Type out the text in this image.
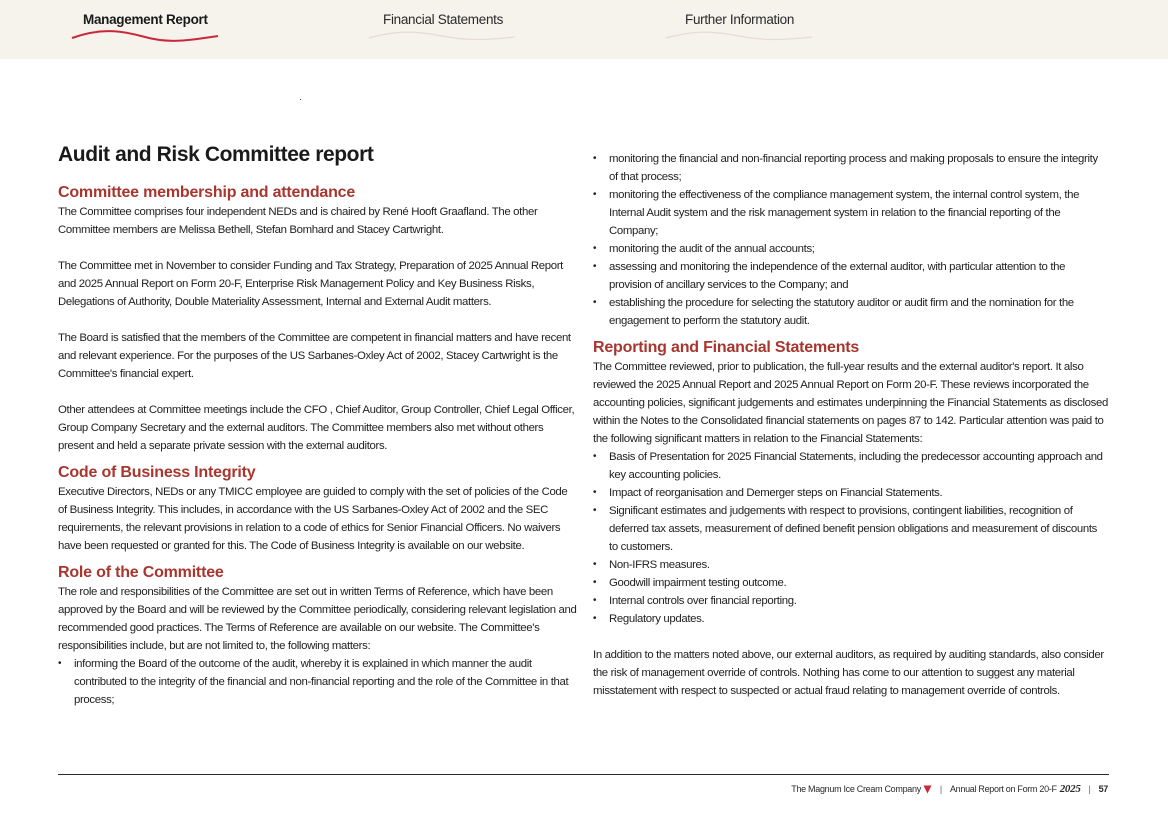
Management Report	Financial Statements	Further Information
Audit and Risk Committee report
Committee membership and attendance

The Committee comprises four independent NEDs and is chaired by René Hooft Graafland. The other Committee members are Melissa Bethell, Stefan Bomhard and Stacey Cartwright.

The Committee met in November to consider Funding and Tax Strategy, Preparation of 2025 Annual Report and 2025 Annual Report on Form 20-F, Enterprise Risk Management Policy and Key Business Risks, Delegations of Authority, Double Materiality Assessment, Internal and External Audit matters.

The Board is satisfied that the members of the Committee are competent in financial matters and have recent and relevant experience. For the purposes of the US Sarbanes-Oxley Act of 2002, Stacey Cartwright is the Committee's financial expert.

Other attendees at Committee meetings include the CFO , Chief Auditor, Group Controller, Chief Legal Officer, Group Company Secretary and the external auditors. The Committee members also met without others present and held a separate private session with the external auditors.

Code of Business Integrity

Executive Directors, NEDs or any TMICC employee are guided to comply with the set of policies of the Code of Business Integrity. This includes, in accordance with the US Sarbanes-Oxley Act of 2002 and the SEC requirements, the relevant provisions in relation to a code of ethics for Senior Financial Officers. No waivers have been requested or granted for this. The Code of Business Integrity is available on our website.

Role of the Committee

The role and responsibilities of the Committee are set out in written Terms of Reference, which have been approved by the Board and will be reviewed by the Committee periodically, considering relevant legislation and recommended good practices. The Terms of Reference are available on our website. The Committee's responsibilities include, but are not limited to, the following matters:

• informing the Board of the outcome of the audit, whereby it is explained in which manner the audit contributed to the integrity of the financial and non-financial reporting and the role of the Committee in that process;
• monitoring the financial and non-financial reporting process and making proposals to ensure the integrity of that process;
• monitoring the effectiveness of the compliance management system, the internal control system, the Internal Audit system and the risk management system in relation to the financial reporting of the Company;
• monitoring the audit of the annual accounts;
• assessing and monitoring the independence of the external auditor, with particular attention to the provision of ancillary services to the Company; and
• establishing the procedure for selecting the statutory auditor or audit firm and the nomination for the engagement to perform the statutory audit.
Reporting and Financial Statements

The Committee reviewed, prior to publication, the full-year results and the external auditor's report. It also reviewed the 2025 Annual Report and 2025 Annual Report on Form 20-F. These reviews incorporated the accounting policies, significant judgements and estimates underpinning the Financial Statements as disclosed within the Notes to the Consolidated financial statements on pages 87 to 142. Particular attention was paid to the following significant matters in relation to the Financial Statements:

• Basis of Presentation for 2025 Financial Statements, including the predecessor accounting approach and key accounting policies.
• Impact of reorganisation and Demerger steps on Financial Statements.
• Significant estimates and judgements with respect to provisions, contingent liabilities, recognition of deferred tax assets, measurement of defined benefit pension obligations and measurement of discounts to customers.
• Non-IFRS measures.
• Goodwill impairment testing outcome.
• Internal controls over financial reporting.
• Regulatory updates.

In addition to the matters noted above, our external auditors, as required by auditing standards, also consider the risk of management override of controls. Nothing has come to our attention to suggest any material misstatement with respect to suspected or actual fraud relating to management override of controls.

The Magnum Ice Cream Company | Annual Report on Form 20-F 2025 | 57
